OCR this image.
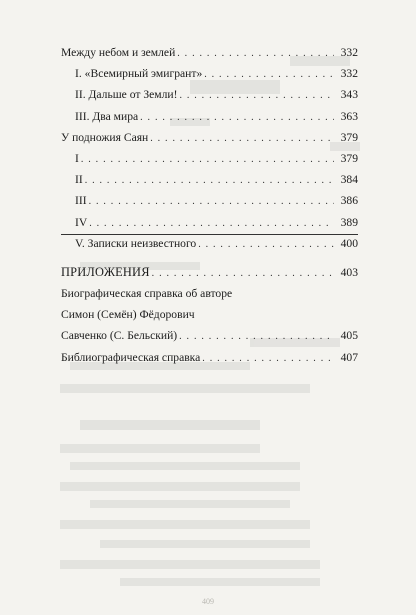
Между небом и землей . . .	332
I. «Всемирный эмигрант» . . .	332
II. Дальше от Земли! . . .	343
III. Два мира . . .	363
У подножия Саян . . .	379
I . . .	379
II . . .	384
III . . .	386
IV . . .	389
V. Записки неизвестного . . .	400
ПРИЛОЖЕНИЯ . . .	403
Биографическая справка об авторе
Симон (Семён) Фёдорович
Савченко (С. Бельский) . . .	405
Библиографическая справка . . .	407
409
